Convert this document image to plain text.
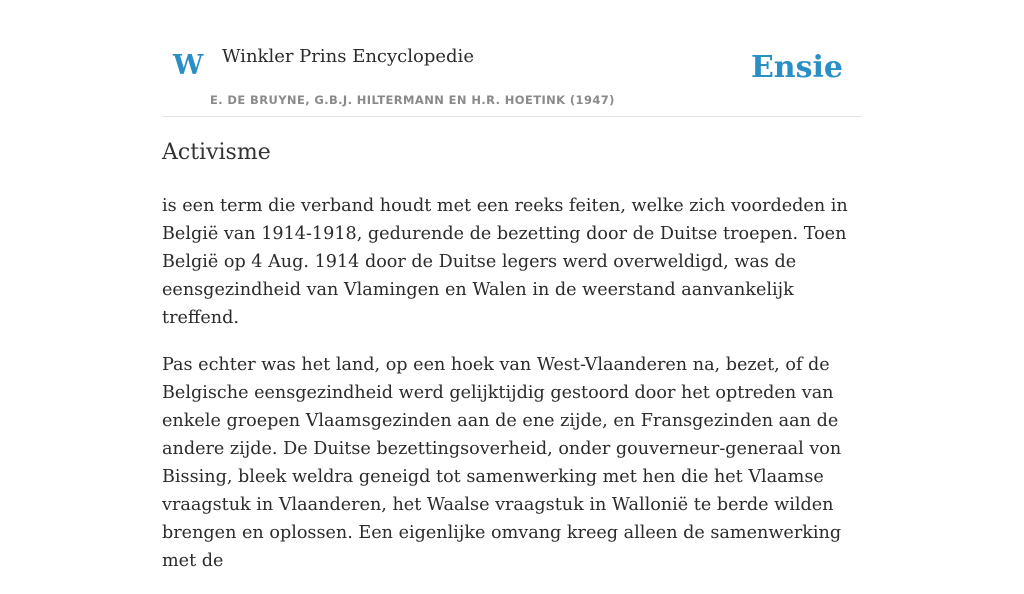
W Winkler Prins Encyclopedie
E. DE BRUYNE, G.B.J. HILTERMANN EN H.R. HOETINK (1947)
Ensie
Activisme

is een term die verband houdt met een reeks feiten, welke zich voordeden in België van 1914-1918, gedurende de bezetting door de Duitse troepen. Toen België op 4 Aug. 1914 door de Duitse legers werd overweldigd, was de eensgezindheid van Vlamingen en Walen in de weerstand aanvankelijk treffend.

Pas echter was het land, op een hoek van West-Vlaanderen na, bezet, of de Belgische eensgezindheid werd gelijktijdig gestoord door het optreden van enkele groepen Vlaamsgezinden aan de ene zijde, en Fransgezinden aan de andere zijde. De Duitse bezettingsoverheid, onder gouverneur-generaal von Bissing, bleek weldra geneigd tot samenwerking met hen die het Vlaamse vraagstuk in Vlaanderen, het Waalse vraagstuk in Wallonië te berde wilden brengen en oplossen. Een eigenlijke omvang kreeg alleen de samenwerking met de
